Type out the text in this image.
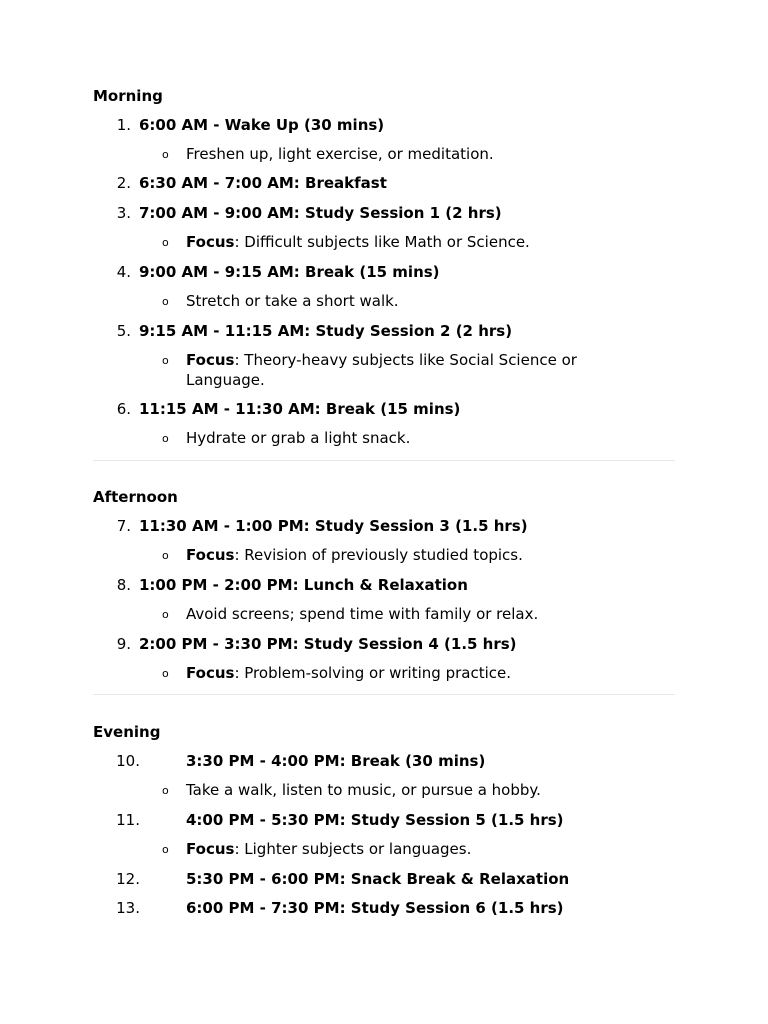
Morning
1. 6:00 AM - Wake Up (30 mins)
o Freshen up, light exercise, or meditation.
2. 6:30 AM - 7:00 AM: Breakfast
3. 7:00 AM - 9:00 AM: Study Session 1 (2 hrs)
o Focus: Difficult subjects like Math or Science.
4. 9:00 AM - 9:15 AM: Break (15 mins)
o Stretch or take a short walk.
5. 9:15 AM - 11:15 AM: Study Session 2 (2 hrs)
o Focus: Theory-heavy subjects like Social Science or Language.
6. 11:15 AM - 11:30 AM: Break (15 mins)
o Hydrate or grab a light snack.
Afternoon
7. 11:30 AM - 1:00 PM: Study Session 3 (1.5 hrs)
o Focus: Revision of previously studied topics.
8. 1:00 PM - 2:00 PM: Lunch & Relaxation
o Avoid screens; spend time with family or relax.
9. 2:00 PM - 3:30 PM: Study Session 4 (1.5 hrs)
o Focus: Problem-solving or writing practice.
Evening
10.	3:30 PM - 4:00 PM: Break (30 mins)
o Take a walk, listen to music, or pursue a hobby.
11.	4:00 PM - 5:30 PM: Study Session 5 (1.5 hrs)
o Focus: Lighter subjects or languages.
12.	5:30 PM - 6:00 PM: Snack Break & Relaxation
13.	6:00 PM - 7:30 PM: Study Session 6 (1.5 hrs)
